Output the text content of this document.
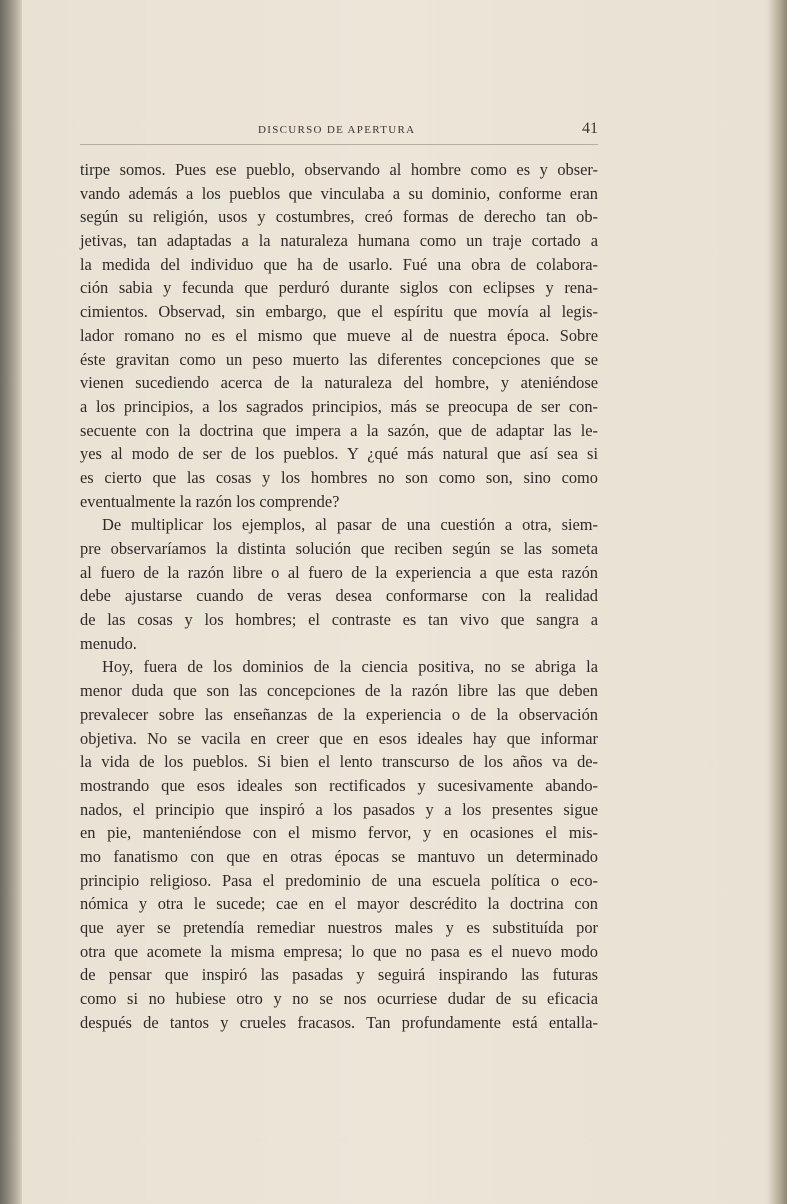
DISCURSO DE APERTURA	41
tirpe somos. Pues ese pueblo, observando al hombre como es y obser-
vando además a los pueblos que vinculaba a su dominio, conforme eran
según su religión, usos y costumbres, creó formas de derecho tan ob-
jetivas, tan adaptadas a la naturaleza humana como un traje cortado a
la medida del individuo que ha de usarlo. Fué una obra de colabora-
ción sabia y fecunda que perduró durante siglos con eclipses y rena-
cimientos. Observad, sin embargo, que el espíritu que movía al legis-
lador romano no es el mismo que mueve al de nuestra época. Sobre
éste gravitan como un peso muerto las diferentes concepciones que se
vienen sucediendo acerca de la naturaleza del hombre, y ateniéndose
a los principios, a los sagrados principios, más se preocupa de ser con-
secuente con la doctrina que impera a la sazón, que de adaptar las le-
yes al modo de ser de los pueblos. Y ¿qué más natural que así sea si
es cierto que las cosas y los hombres no son como son, sino como
eventualmente la razón los comprende?
De multiplicar los ejemplos, al pasar de una cuestión a otra, siem-
pre observaríamos la distinta solución que reciben según se las someta
al fuero de la razón libre o al fuero de la experiencia a que esta razón
debe ajustarse cuando de veras desea conformarse con la realidad
de las cosas y los hombres; el contraste es tan vivo que sangra a
menudo.
Hoy, fuera de los dominios de la ciencia positiva, no se abriga la
menor duda que son las concepciones de la razón libre las que deben
prevalecer sobre las enseñanzas de la experiencia o de la observación
objetiva. No se vacila en creer que en esos ideales hay que informar
la vida de los pueblos. Si bien el lento transcurso de los años va de-
mostrando que esos ideales son rectificados y sucesivamente abando-
nados, el principio que inspiró a los pasados y a los presentes sigue
en pie, manteniéndose con el mismo fervor, y en ocasiones el mis-
mo fanatismo con que en otras épocas se mantuvo un determinado
principio religioso. Pasa el predominio de una escuela política o eco-
nómica y otra le sucede; cae en el mayor descrédito la doctrina con
que ayer se pretendía remediar nuestros males y es substituída por
otra que acomete la misma empresa; lo que no pasa es el nuevo modo
de pensar que inspiró las pasadas y seguirá inspirando las futuras
como si no hubiese otro y no se nos ocurriese dudar de su eficacia
después de tantos y crueles fracasos. Tan profundamente está entalla-
